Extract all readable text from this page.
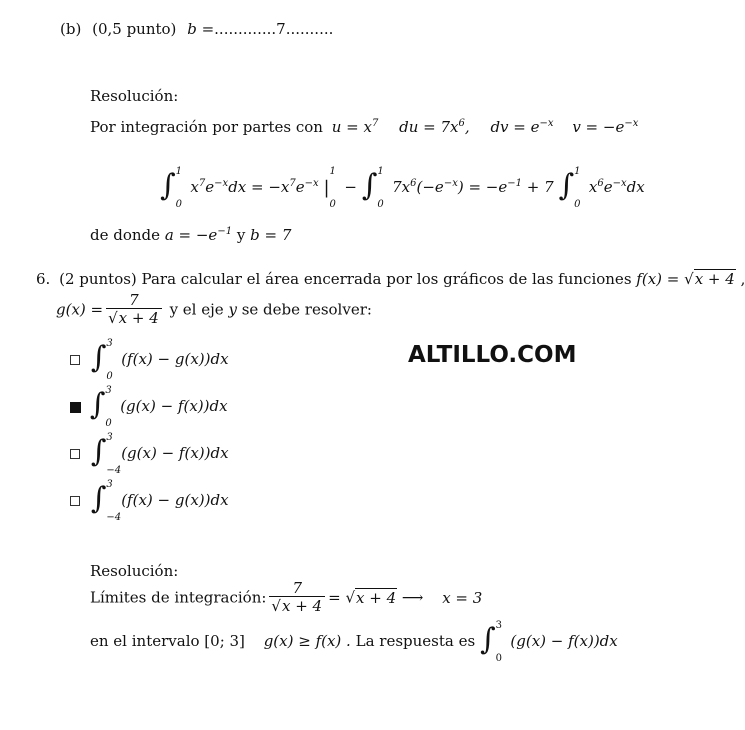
(b) (0,5 punto) b =.............7..........
Resolución:
Por integración por partes con $u = x^7$ du = $7x^6$, dv = $e^{-x}$ $v = -e^{-x}$
∫ 1
0
$x^7e^{-x}dx = -x^7e^{-x}$ |
1
0
− ∫ 1
0
$7x^6(-e^{-x}) = -e^{-1} + 7$ ∫ 1
0
$x^6e^{-x}dx$
de donde $a = -e^{-1}$ y b = 7
6. (2 puntos) Para calcular el área encerrada por los gráficos de las funciones f(x) = √x + 4 ,
$g(x) = \frac{7}{√x + 4}$ y el eje y se debe resolver:
∫ 3
0
(f(x) − g(x))dx
∫ 3
0
(g(x) − f(x))dx
∫ 3
−4
(g(x) − f(x))dx
∫ 3
−4
(f(x) − g(x))dx
ALTILLO.COM
Resolución:
Límites de integración: $\frac{7}{√x + 4} = √x + 4$ ⟶ x = 3
en el intervalo [0; 3] g(x) ≥ f(x) . La respuesta es ∫ 3
0
(g(x) − f(x))dx
